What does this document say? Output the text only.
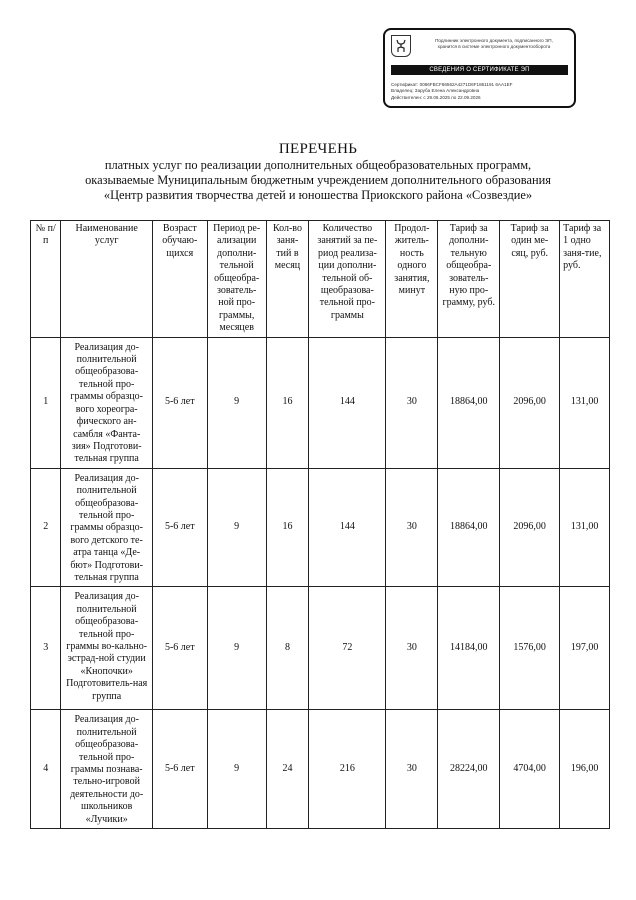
Подлинник электронного документа, подписанного ЭП,
хранится в системе электронного документооборота
СВЕДЕНИЯ О СЕРТИФИКАТЕ ЭП
Сертификат: 0086FBCF66562A4271D6F1861191 6AA1EF
Владелец: Зарубa Елена Александровна
Действителен: с 29.06.2025 по 22.09.2026
ПЕРЕЧЕНЬ
платных услуг по реализации дополнительных общеобразовательных программ,
оказываемые Муниципальным бюджетным учреждением дополнительного образования
«Центр развития творчества детей и юношества Приокского района «Созвездие»
№ п/п	Наименование услуг	Возраст обучаю-щихся	Период ре-ализации дополни-тельной общеобра-зователь-ной про-граммы, месяцев	Кол-во заня-тий в месяц	Количество занятий за пе-риод реализа-ции дополни-тельной об-щеобразова-тельной про-граммы	Продол-житель-ность одного занятия, минут	Тариф за дополни-тельную общеобра-зователь-ную про-грамму, руб.	Тариф за один ме-сяц, руб.	Тариф за 1 одно заня-тие, руб.
1	Реализация до-полнительной общеобразова-тельной про-граммы образцо-вого хореогра-фического ан-самбля «Фанта-зия» Подготови-тельная группа	5-6 лет	9	16	144	30	18864,00	2096,00	131,00
2	Реализация до-полнительной общеобразова-тельной про-граммы образцо-вого детского те-атра танца «Де-бют» Подготови-тельная группа	5-6 лет	9	16	144	30	18864,00	2096,00	131,00
3	Реализация до-полнительной общеобразова-тельной про-граммы во-кально-эстрад-ной студии «Кнопочки» Подготовитель-ная группа	5-6 лет	9	8	72	30	14184,00	1576,00	197,00
4	Реализация до-полнительной общеобразова-тельной про-граммы познава-тельно-игровой деятельности до-школьников «Лучики»	5-6 лет	9	24	216	30	28224,00	4704,00	196,00
